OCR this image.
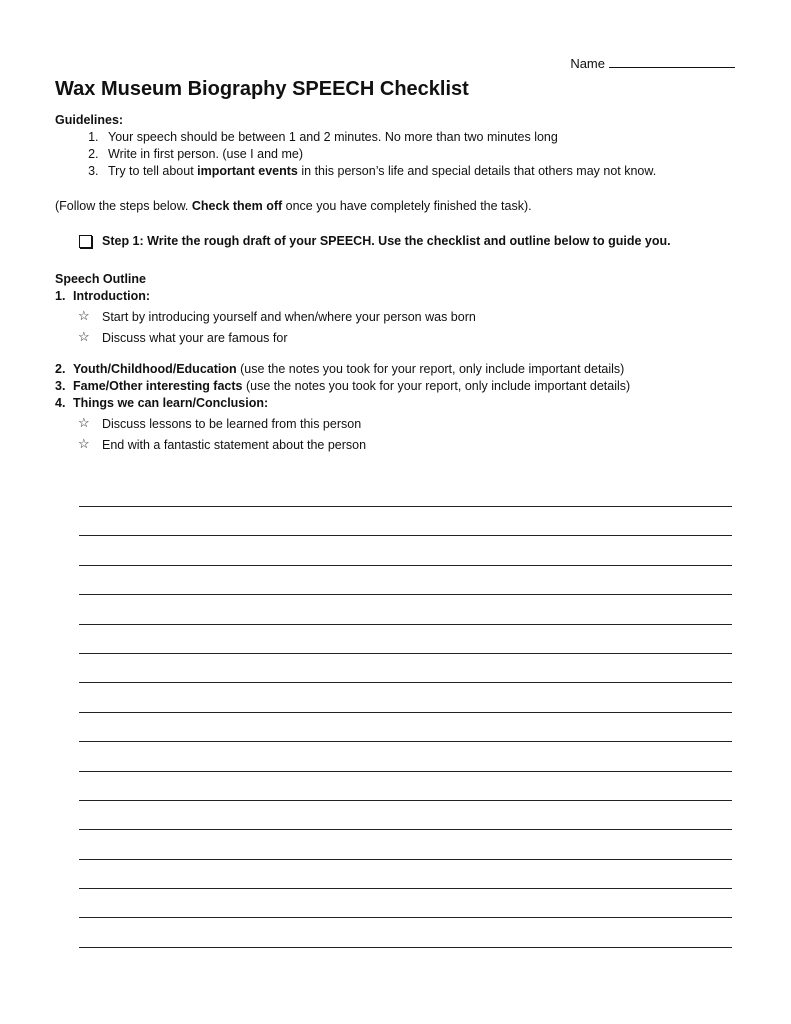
Name
Wax Museum Biography SPEECH Checklist
Guidelines:
1. Your speech should be between 1 and 2 minutes. No more than two minutes long
2. Write in first person. (use I and me)
3. Try to tell about important events in this person’s life and special details that others may not know.
(Follow the steps below. Check them off once you have completely finished the task).
Step 1: Write the rough draft of your SPEECH. Use the checklist and outline below to guide you.
Speech Outline
1. Introduction:
☆ Start by introducing yourself and when/where your person was born
☆ Discuss what your are famous for
2. Youth/Childhood/Education (use the notes you took for your report, only include important details)
3. Fame/Other interesting facts (use the notes you took for your report, only include important details)
4. Things we can learn/Conclusion:
☆ Discuss lessons to be learned from this person
☆ End with a fantastic statement about the person
